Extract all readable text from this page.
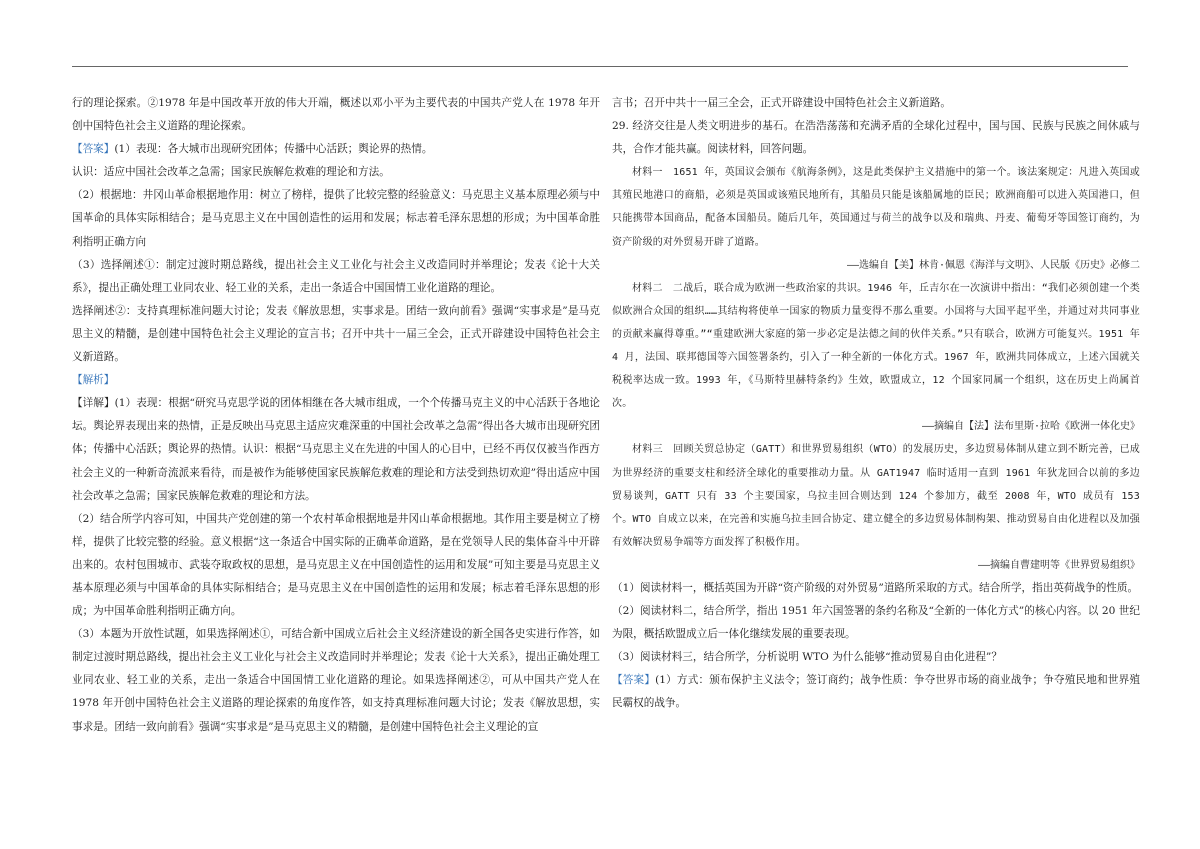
行的理论探索。②1978 年是中国改革开放的伟大开端，概述以邓小平为主要代表的中国共产党人在 1978 年开创中国特色社会主义道路的理论探索。

【答案】(1）表现：各大城市出现研究团体；传播中心活跃；舆论界的热情。

认识：适应中国社会改革之急需；国家民族解危救难的理论和方法。

（2）根据地：井冈山革命根据地作用：树立了榜样，提供了比较完整的经验意义：马克思主义基本原理必须与中国革命的具体实际相结合；是马克思主义在中国创造性的运用和发展；标志着毛泽东思想的形成；为中国革命胜利指明正确方向

（3）选择阐述①：制定过渡时期总路线，提出社会主义工业化与社会主义改造同时并举理论；发表《论十大关系》，提出正确处理工业同农业、轻工业的关系，走出一条适合中国国情工业化道路的理论。

选择阐述②：支持真理标准问题大讨论；发表《解放思想，实事求是。团结一致向前看》强调“实事求是”是马克思主义的精髓，是创建中国特色社会主义理论的宣言书；召开中共十一届三全会，正式开辟建设中国特色社会主义新道路。

【解析】

【详解】(1）表现：根据“研究马克思学说的团体相继在各大城市组成，一个个传播马克主义的中心活跃于各地论坛。舆论界表现出来的热情，正是反映出马克思主适应灾难深重的中国社会改革之急需”得出各大城市出现研究团体；传播中心活跃；舆论界的热情。认识：根据“马克思主义在先进的中国人的心目中，已经不再仅仅被当作西方社会主义的一种新奇流派来看待，而是被作为能够使国家民族解危救难的理论和方法受到热切欢迎”得出适应中国社会改革之急需；国家民族解危救难的理论和方法。

（2）结合所学内容可知，中国共产党创建的第一个农村革命根据地是井冈山革命根据地。其作用主要是树立了榜样，提供了比较完整的经验。意义根据“这一条适合中国实际的正确革命道路，是在党领导人民的集体奋斗中开辟出来的。农村包围城市、武装夺取政权的思想，是马克思主义在中国创造性的运用和发展”可知主要是马克思主义基本原理必须与中国革命的具体实际相结合；是马克思主义在中国创造性的运用和发展；标志着毛泽东思想的形成；为中国革命胜利指明正确方向。

（3）本题为开放性试题，如果选择阐述①，可结合新中国成立后社会主义经济建设的新全国各史实进行作答，如制定过渡时期总路线，提出社会主义工业化与社会主义改造同时并举理论；发表《论十大关系》，提出正确处理工业同农业、轻工业的关系，走出一条适合中国国情工业化道路的理论。如果选择阐述②，可从中国共产党人在 1978 年开创中国特色社会主义道路的理论探索的角度作答，如支持真理标准问题大讨论；发表《解放思想，实事求是。团结一致向前看》强调“实事求是”是马克思主义的精髓，是创建中国特色社会主义理论的宣

言书；召开中共十一届三全会，正式开辟建设中国特色社会主义新道路。

29. 经济交往是人类文明进步的基石。在浩浩荡荡和充满矛盾的全球化过程中，国与国、民族与民族之间休戚与共，合作才能共赢。阅读材料，回答问题。

材料一　1651 年，英国议会颁布《航海条例》，这是此类保护主义措施中的第一个。该法案规定：凡进入英国或其殖民地港口的商船，必须是英国或该殖民地所有，其船员只能是该船属地的臣民；欧洲商船可以进入英国港口，但只能携带本国商品，配备本国船员。随后几年，英国通过与荷兰的战争以及和瑞典、丹麦、葡萄牙等国签订商约，为资产阶级的对外贸易开辟了道路。

——选编自【美】林肯·佩恩《海洋与文明》、人民版《历史》必修二

材料二　二战后，联合成为欧洲一些政治家的共识。1946 年，丘吉尔在一次演讲中指出：“我们必须创建一个类似欧洲合众国的组织……其结构将使单一国家的物质力量变得不那么重要。小国将与大国平起平坐，并通过对共同事业的贡献来赢得尊重。”“重建欧洲大家庭的第一步必定是法德之间的伙伴关系。”只有联合，欧洲方可能复兴。1951 年 4 月，法国、联邦德国等六国签署条约，引入了一种全新的一体化方式。1967 年，欧洲共同体成立，上述六国就关税税率达成一致。1993 年，《马斯特里赫特条约》生效，欧盟成立，12 个国家同属一个组织，这在历史上尚属首次。

——摘编自【法】法布里斯·拉哈《欧洲一体化史》

材料三　回顾关贸总协定（GATT）和世界贸易组织（WTO）的发展历史，多边贸易体制从建立到不断完善，已成为世界经济的重要支柱和经济全球化的重要推动力量。从 GAT1947 临时适用一直到 1961 年狄龙回合以前的多边贸易谈判，GATT 只有 33 个主要国家，乌拉圭回合则达到 124 个参加方，截至 2008 年，WTO 成员有 153 个。WTO 自成立以来，在完善和实施乌拉圭回合协定、建立健全的多边贸易体制构架、推动贸易自由化进程以及加强有效解决贸易争端等方面发挥了积极作用。

——摘编自曹建明等《世界贸易组织》

（1）阅读材料一，概括英国为开辟“资产阶级的对外贸易”道路所采取的方式。结合所学，指出英荷战争的性质。

（2）阅读材料二，结合所学，指出 1951 年六国签署的条约名称及“全新的一体化方式”的核心内容。以 20 世纪为限，概括欧盟成立后一体化继续发展的重要表现。

（3）阅读材料三，结合所学，分析说明 WTO 为什么能够“推动贸易自由化进程”？

【答案】(1）方式：颁布保护主义法令；签订商约；战争性质：争夺世界市场的商业战争；争夺殖民地和世界殖民霸权的战争。
